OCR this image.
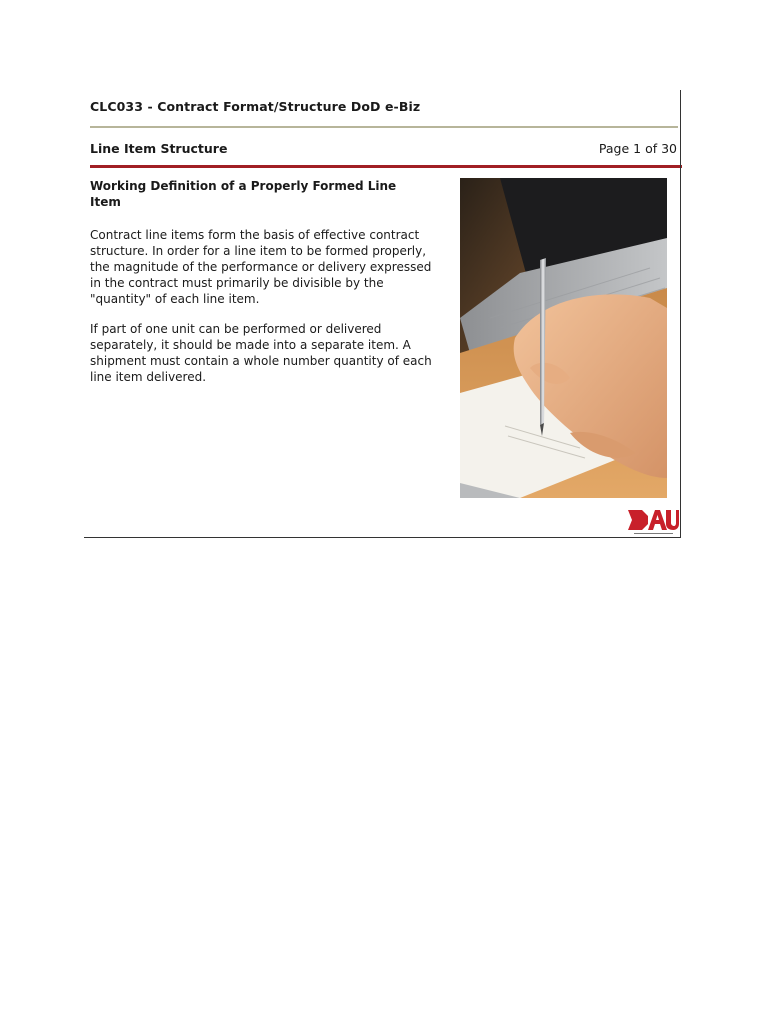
CLC033 - Contract Format/Structure DoD e-Biz
Line Item Structure	Page 1 of 30
Working Definition of a Properly Formed Line Item
Contract line items form the basis of effective contract structure. In order for a line item to be formed properly, the magnitude of the performance or delivery expressed in the contract must primarily be divisible by the "quantity" of each line item.
If part of one unit can be performed or delivered separately, it should be made into a separate item. A shipment must contain a whole number quantity of each line item delivered.
